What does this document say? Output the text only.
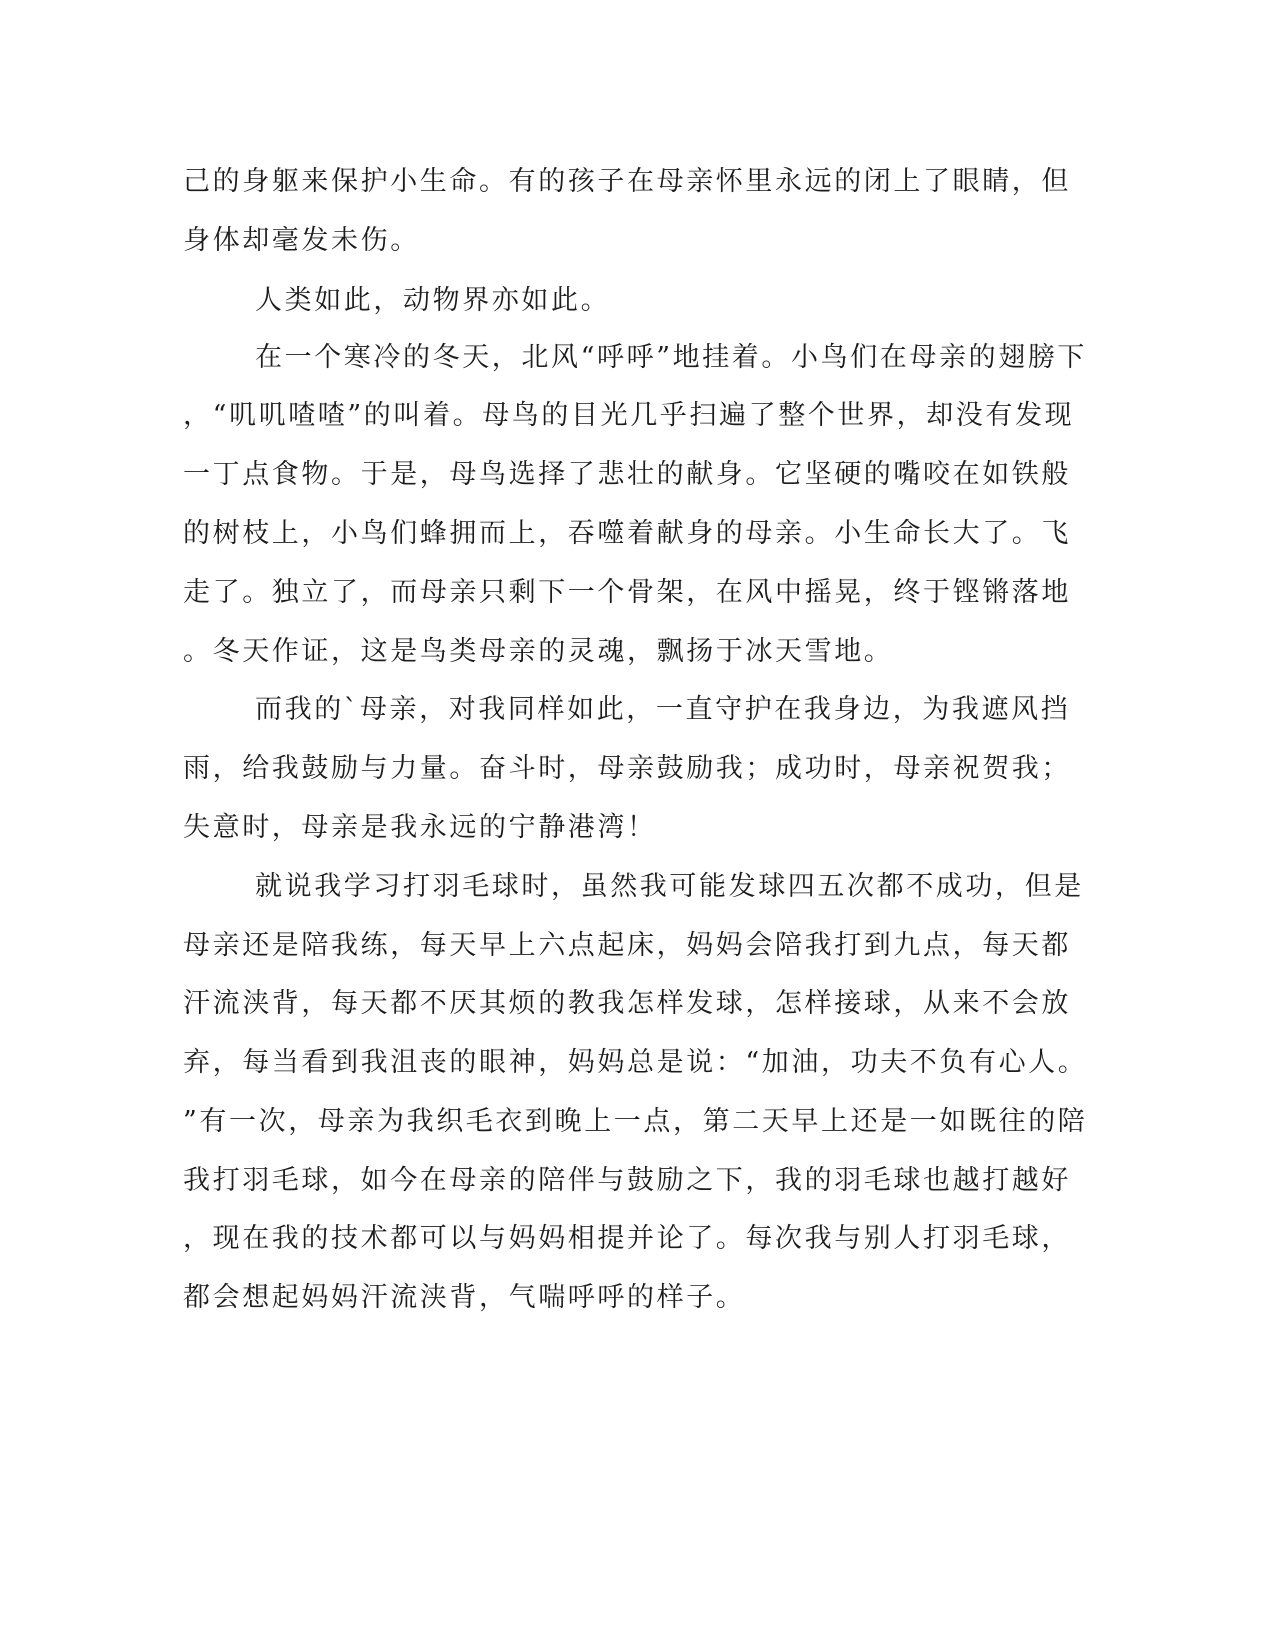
己的身躯来保护小生命。有的孩子在母亲怀里永远的闭上了眼睛，但
身体却毫发未伤。
人类如此，动物界亦如此。
在一个寒冷的冬天，北风“呼呼”地挂着。小鸟们在母亲的翅膀下
，“叽叽喳喳”的叫着。母鸟的目光几乎扫遍了整个世界，却没有发现
一丁点食物。于是，母鸟选择了悲壮的献身。它坚硬的嘴咬在如铁般
的树枝上，小鸟们蜂拥而上，吞噬着献身的母亲。小生命长大了。飞
走了。独立了，而母亲只剩下一个骨架，在风中摇晃，终于铿锵落地
。冬天作证，这是鸟类母亲的灵魂，飘扬于冰天雪地。
而我的`母亲，对我同样如此，一直守护在我身边，为我遮风挡
雨，给我鼓励与力量。奋斗时，母亲鼓励我；成功时，母亲祝贺我；
失意时，母亲是我永远的宁静港湾！
就说我学习打羽毛球时，虽然我可能发球四五次都不成功，但是
母亲还是陪我练，每天早上六点起床，妈妈会陪我打到九点，每天都
汗流浃背，每天都不厌其烦的教我怎样发球，怎样接球，从来不会放
弃，每当看到我沮丧的眼神，妈妈总是说：“加油，功夫不负有心人。
”有一次，母亲为我织毛衣到晚上一点，第二天早上还是一如既往的陪
我打羽毛球，如今在母亲的陪伴与鼓励之下，我的羽毛球也越打越好
，现在我的技术都可以与妈妈相提并论了。每次我与别人打羽毛球，
都会想起妈妈汗流浃背，气喘呼呼的样子。
